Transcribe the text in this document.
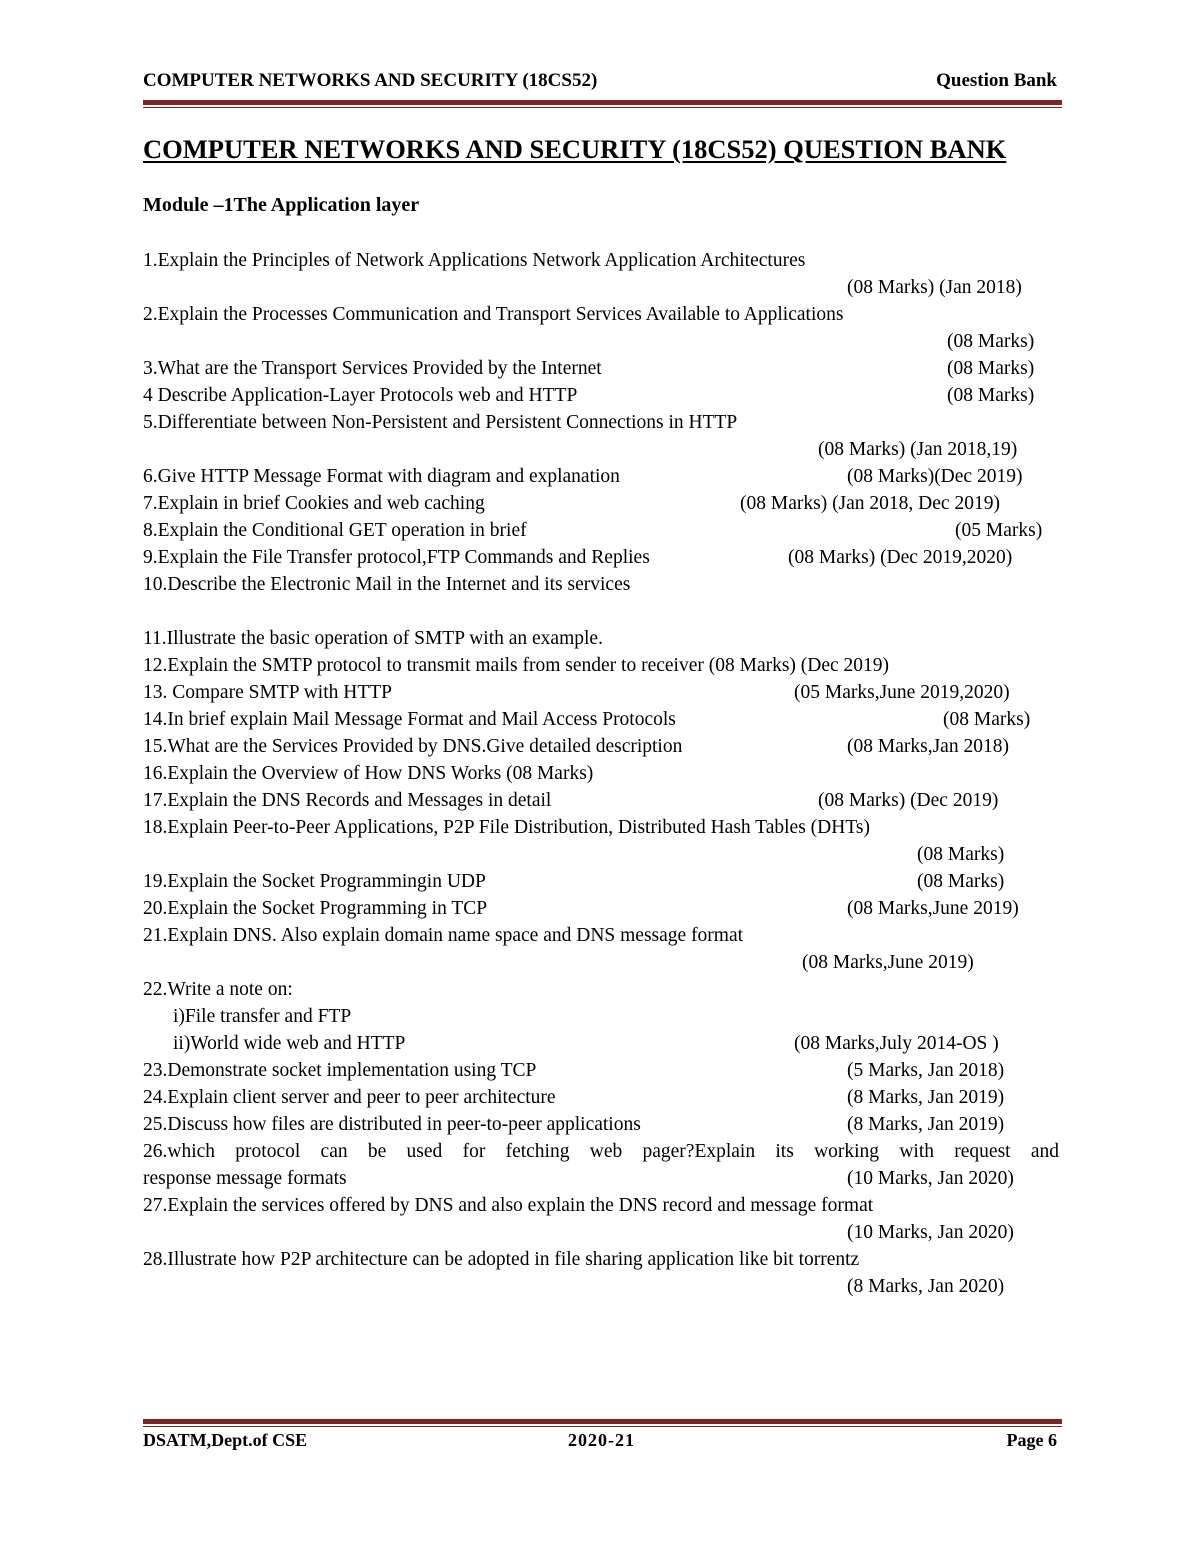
COMPUTER NETWORKS AND SECURITY (18CS52)	Question Bank
COMPUTER NETWORKS AND SECURITY (18CS52) QUESTION BANK
Module –1The Application layer
1.Explain the Principles of Network Applications Network Application Architectures
(08 Marks) (Jan 2018)
2.Explain the Processes Communication and Transport Services Available to Applications
(08 Marks)
3.What are the Transport Services Provided by the Internet	(08 Marks)
4 Describe Application-Layer Protocols web and HTTP	(08 Marks)
5.Differentiate between Non-Persistent and Persistent Connections in HTTP
(08 Marks) (Jan 2018,19)
6.Give HTTP Message Format with diagram and explanation	(08 Marks)(Dec 2019)
7.Explain in brief Cookies and web caching	(08 Marks) (Jan 2018, Dec 2019)
8.Explain the Conditional GET operation in brief	(05 Marks)
9.Explain the File Transfer protocol,FTP Commands and Replies	(08 Marks) (Dec 2019,2020)
10.Describe the Electronic Mail in the Internet and its services
11.Illustrate the basic operation of SMTP with an example.
12.Explain the SMTP protocol to transmit mails from sender to receiver (08 Marks) (Dec 2019)
13. Compare SMTP with HTTP	(05 Marks,June 2019,2020)
14.In brief explain Mail Message Format and Mail Access Protocols	(08 Marks)
15.What are the Services Provided by DNS.Give detailed description	(08 Marks,Jan 2018)
16.Explain the Overview of How DNS Works (08 Marks)
17.Explain the DNS Records and Messages in detail	(08 Marks) (Dec 2019)
18.Explain Peer-to-Peer Applications, P2P File Distribution, Distributed Hash Tables (DHTs)
(08 Marks)
19.Explain the Socket Programmingin UDP	(08 Marks)
20.Explain the Socket Programming in TCP	(08 Marks,June 2019)
21.Explain DNS. Also explain domain name space and DNS message format
(08 Marks,June 2019)
22.Write a note on:
i)File transfer and FTP
ii)World wide web and HTTP	(08 Marks,July 2014-OS )
23.Demonstrate socket implementation using TCP	(5 Marks, Jan 2018)
24.Explain client server and peer to peer architecture	(8 Marks, Jan 2019)
25.Discuss how files are distributed in peer-to-peer applications	(8 Marks, Jan 2019)
26.which protocol can be used for fetching web pager?Explain its working with request and
response message formats	(10 Marks, Jan 2020)
27.Explain the services offered by DNS and also explain the DNS record and message format
(10 Marks, Jan 2020)
28.Illustrate how P2P architecture can be adopted in file sharing application like bit torrentz
(8 Marks, Jan 2020)
DSATM,Dept.of CSE	2020-21	Page 6
